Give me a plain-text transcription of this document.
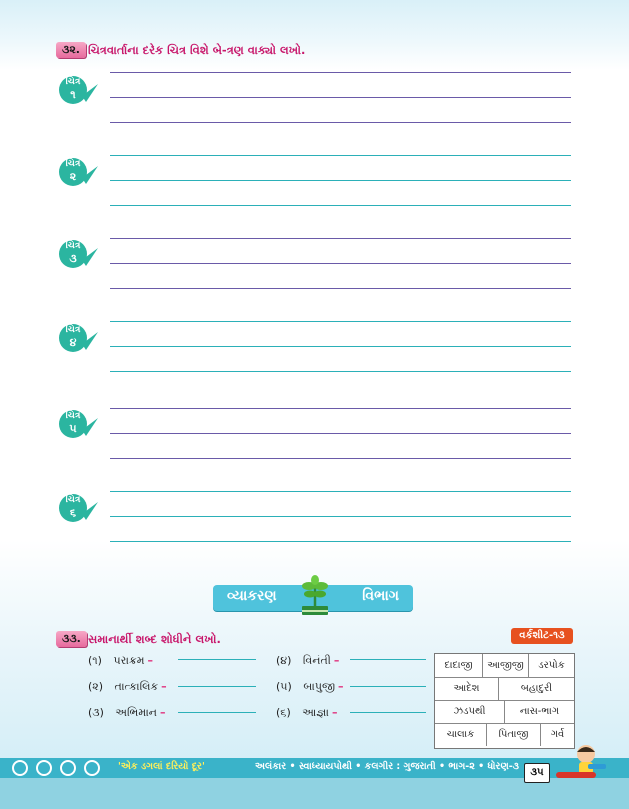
૩૨. ચિત્રવાર્તાના દરેક ચિત્ર વિશે બે-ત્રણ વાક્યો લખો.
ચિત્ર
૧
ચિત્ર
૨
ચિત્ર
૩
ચિત્ર
૪
ચિત્ર
૫
ચિત્ર
૬
વ્યાકરણ	વિભાગ
૩૩. સમાનાર્થી શબ્દ શોધીને લખો.	વર્કશીટ-૧૩
(૧) પરાક્રમ –
(૨) તાત્કાલિક –
(૩) અભિમાન –
(૪) વિનંતી –
(૫) બાપુજી –
(૬) આજ્ઞા –
દાદાજી	આજીજી	ડરપોક
આદેશ	બહાદુરી
ઝડપથી	નાસ-ભાગ
ચાલાક	પિતાજી	ગર્વ
'એક ડગલાં દરિયો દૂર'	અલંકાર • સ્વાધ્યાયપોથી • કલગીર : ગુજરાતી • ભાગ-૨ • ધોરણ-૩
૩૫
